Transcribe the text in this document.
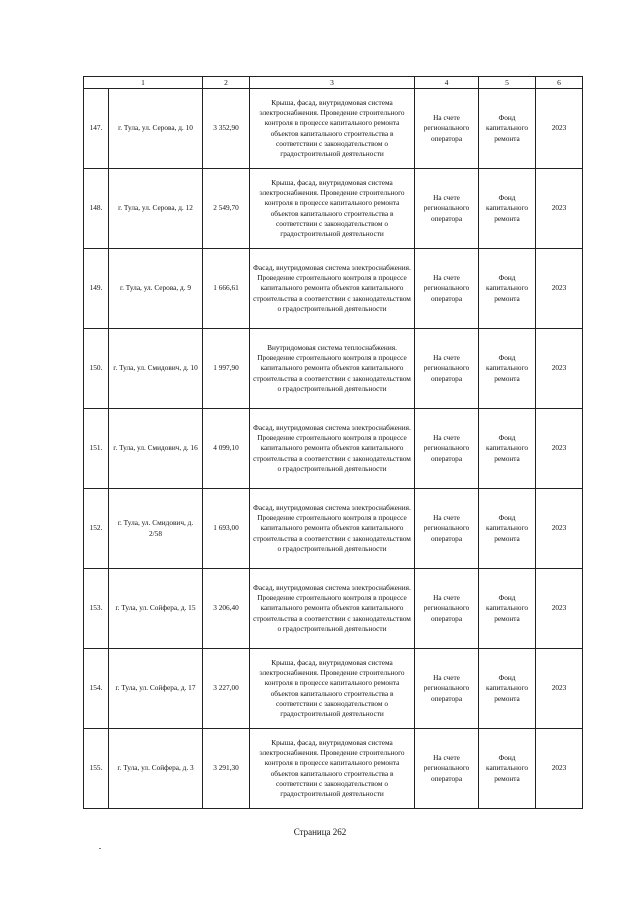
1		2	3	4	5	6
147.	г. Тула, ул. Серова, д. 10	3 352,90	Крыша, фасад, внутридомовая система электроснабжения. Проведение строительного контроля в процессе капитального ремонта объектов капитального строительства в соответствии с законодательством о градостроительной деятельности	На счете регионального оператора	Фонд капитального ремонта	2023
148.	г. Тула, ул. Серова, д. 12	2 549,70	Крыша, фасад, внутридомовая система электроснабжения. Проведение строительного контроля в процессе капитального ремонта объектов капитального строительства в соответствии с законодательством о градостроительной деятельности	На счете регионального оператора	Фонд капитального ремонта	2023
149.	г. Тула, ул. Серова, д. 9	1 666,61	Фасад, внутридомовая система электроснабжения. Проведение строительного контроля в процессе капитального ремонта объектов капитального строительства в соответствии с законодательством о градостроительной деятельности	На счете регионального оператора	Фонд капитального ремонта	2023
150.	г. Тула, ул. Смидович, д. 10	1 997,90	Внутридомовая система теплоснабжения. Проведение строительного контроля в процессе капитального ремонта объектов капитального строительства в соответствии с законодательством о градостроительной деятельности	На счете регионального оператора	Фонд капитального ремонта	2023
151.	г. Тула, ул. Смидович, д. 16	4 099,10	Фасад, внутридомовая система электроснабжения. Проведение строительного контроля в процессе капитального ремонта объектов капитального строительства в соответствии с законодательством о градостроительной деятельности	На счете регионального оператора	Фонд капитального ремонта	2023
152.	г. Тула, ул. Смидович, д. 2/58	1 693,00	Фасад, внутридомовая система электроснабжения. Проведение строительного контроля в процессе капитального ремонта объектов капитального строительства в соответствии с законодательством о градостроительной деятельности	На счете регионального оператора	Фонд капитального ремонта	2023
153.	г. Тула, ул. Сойфера, д. 15	3 206,40	Фасад, внутридомовая система электроснабжения. Проведение строительного контроля в процессе капитального ремонта объектов капитального строительства в соответствии с законодательством о градостроительной деятельности	На счете регионального оператора	Фонд капитального ремонта	2023
154.	г. Тула, ул. Сойфера, д. 17	3 227,00	Крыша, фасад, внутридомовая система электроснабжения. Проведение строительного контроля в процессе капитального ремонта объектов капитального строительства в соответствии с законодательством о градостроительной деятельности	На счете регионального оператора	Фонд капитального ремонта	2023
155.	г. Тула, ул. Сойфера, д. 3	3 291,30	Крыша, фасад, внутридомовая система электроснабжения. Проведение строительного контроля в процессе капитального ремонта объектов капитального строительства в соответствии с законодательством о градостроительной деятельности	На счете регионального оператора	Фонд капитального ремонта	2023
Страница 262
